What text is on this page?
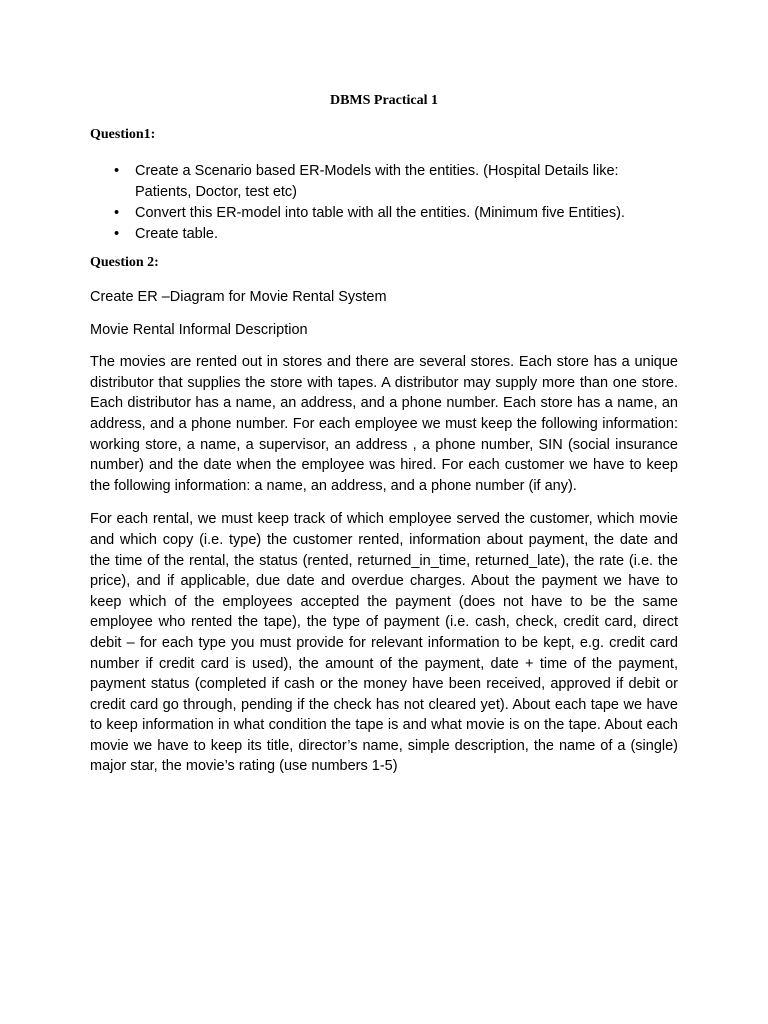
DBMS Practical 1
Question1:
• Create a Scenario based ER-Models with the entities. (Hospital Details like: Patients, Doctor, test etc)
• Convert this ER-model into table with all the entities. (Minimum five Entities).
• Create table.
Question 2:

Create ER –Diagram for Movie Rental System

Movie Rental Informal Description

The movies are rented out in stores and there are several stores. Each store has a unique distributor that supplies the store with tapes. A distributor may supply more than one store. Each distributor has a name, an address, and a phone number. Each store has a name, an address, and a phone number. For each employee we must keep the following information: working store, a name, a supervisor, an address , a phone number, SIN (social insurance number) and the date when the employee was hired. For each customer we have to keep the following information: a name, an address, and a phone number (if any).

For each rental, we must keep track of which employee served the customer, which movie and which copy (i.e. type) the customer rented, information about payment, the date and the time of the rental, the status (rented, returned_in_time, returned_late), the rate (i.e. the price), and if applicable, due date and overdue charges. About the payment we have to keep which of the employees accepted the payment (does not have to be the same employee who rented the tape), the type of payment (i.e. cash, check, credit card, direct debit – for each type you must provide for relevant information to be kept, e.g. credit card number if credit card is used), the amount of the payment, date + time of the payment, payment status (completed if cash or the money have been received, approved if debit or credit card go through, pending if the check has not cleared yet). About each tape we have to keep information in what condition the tape is and what movie is on the tape. About each movie we have to keep its title, director’s name, simple description, the name of a (single) major star, the movie’s rating (use numbers 1-5)
